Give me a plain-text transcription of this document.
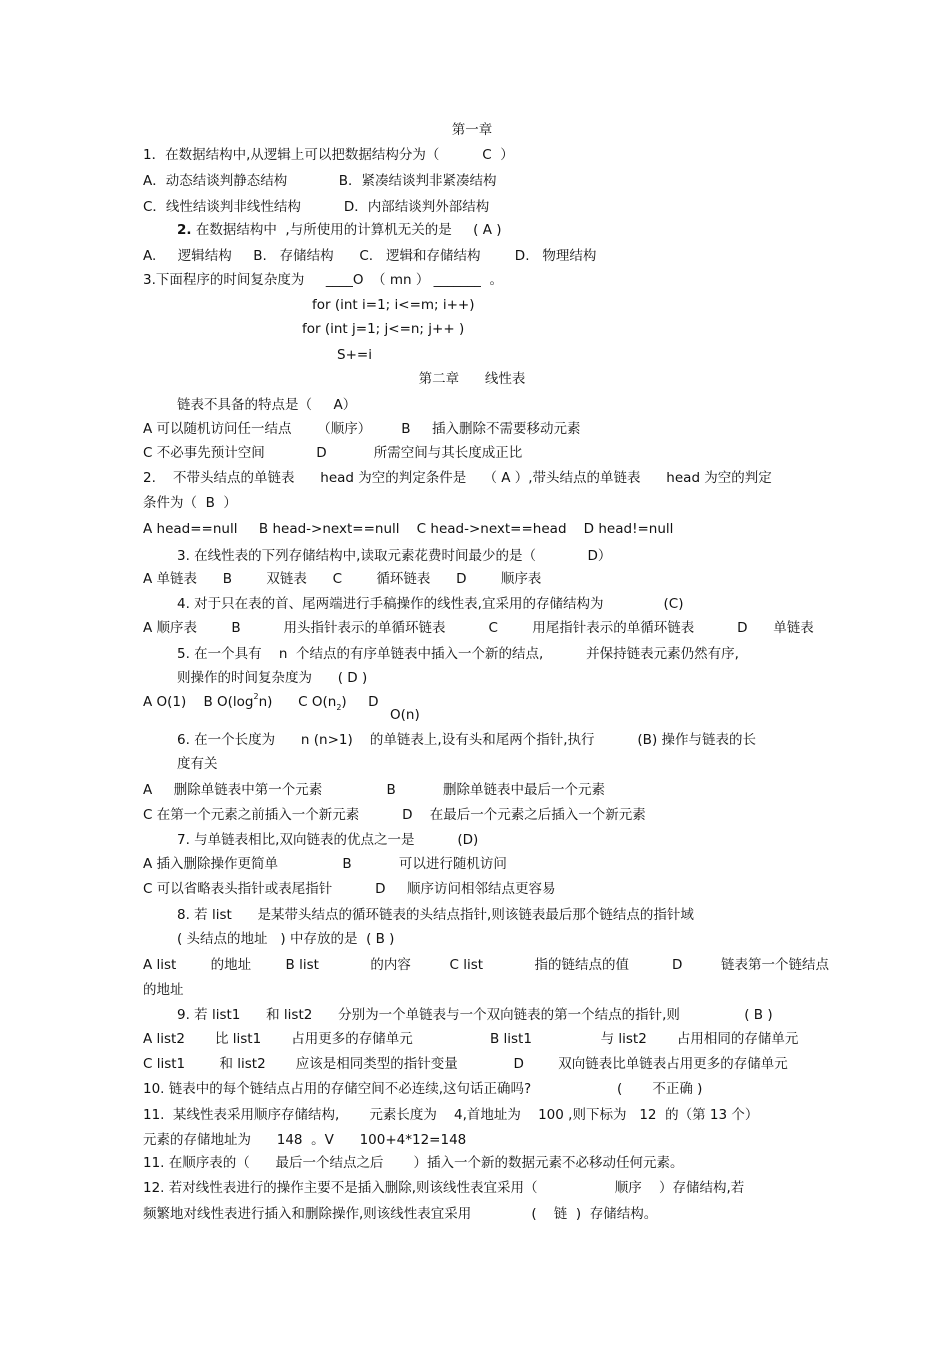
第一章
1．在数据结构中,从逻辑上可以把数据结构分为（          C  ）
A．动态结谈判静态结构            B．紧凑结谈判非紧凑结构
C．线性结谈判非线性结构          D．内部结谈判外部结构
2. 在数据结构中  ,与所使用的计算机无关的是     ( A )
A.     逻辑结构     B.   存储结构      C.   逻辑和存储结构        D.   物理结构
3.下面程序的时间复杂度为     ____O  （ mn ） _______  。
for (int i=1; i<=m; i++)
for (int j=1; j<=n; j++ )
S+=i
第二章      线性表
链表不具备的特点是（     A）
A 可以随机访问任一结点      （顺序）       B     插入删除不需要移动元素
C 不必事先预计空间            D           所需空间与其长度成正比
2.    不带头结点的单链表      head 为空的判定条件是    （ A ）,带头结点的单链表      head 为空的判定
条件为（  B  ）
A head==null     B head->next==null    C head->next==head    D head!=null
3. 在线性表的下列存储结构中,读取元素花费时间最少的是（            D）
A 单链表      B        双链表      C        循环链表      D        顺序表
4. 对于只在表的首、尾两端进行手稿操作的线性表,宜采用的存储结构为              (C)
A 顺序表        B          用头指针表示的单循环链表          C        用尾指针表示的单循环链表          D      单链表
5. 在一个具有    n  个结点的有序单链表中插入一个新的结点,          并保持链表元素仍然有序,
则操作的时间复杂度为      ( D )
A O(1)    B $O(\log^2n)$      C $O(n_2)$     D
O(n)
6. 在一个长度为      n (n>1)    的单链表上,设有头和尾两个指针,执行          (B) 操作与链表的长
度有关
A     删除单链表中第一个元素               B           删除单链表中最后一个元素
C 在第一个元素之前插入一个新元素          D    在最后一个元素之后插入一个新元素
7. 与单链表相比,双向链表的优点之一是          (D)
A 插入删除操作更简单               B           可以进行随机访问
C 可以省略表头指针或表尾指针          D     顺序访问相邻结点更容易
8. 若 list      是某带头结点的循环链表的头结点指针,则该链表最后那个链结点的指针域
( 头结点的地址   ) 中存放的是  ( B )
A list        的地址        B list            的内容         C list            指的链结点的值          D         链表第一个链结点
的地址
9. 若 list1      和 list2      分别为一个单链表与一个双向链表的第一个结点的指针,则               ( B )
A list2       比 list1       占用更多的存储单元                  B list1                与 list2       占用相同的存储单元
C list1        和 list2       应该是相同类型的指针变量             D        双向链表比单链表占用更多的存储单元
10. 链表中的每个链结点占用的存储空间不必连续,这句话正确吗?                    (       不正确 )
11.  某线性表采用顺序存储结构,       元素长度为    4,首地址为    100 ,则下标为   12  的（第 13 个）
元素的存储地址为      148  。V      100+4*12=148
11. 在顺序表的（      最后一个结点之后       ）插入一个新的数据元素不必移动任何元素。
12. 若对线性表进行的操作主要不是插入删除,则该线性表宜采用（                  顺序    ）存储结构,若
频繁地对线性表进行插入和删除操作,则该线性表宜采用              (    链  )  存储结构。
